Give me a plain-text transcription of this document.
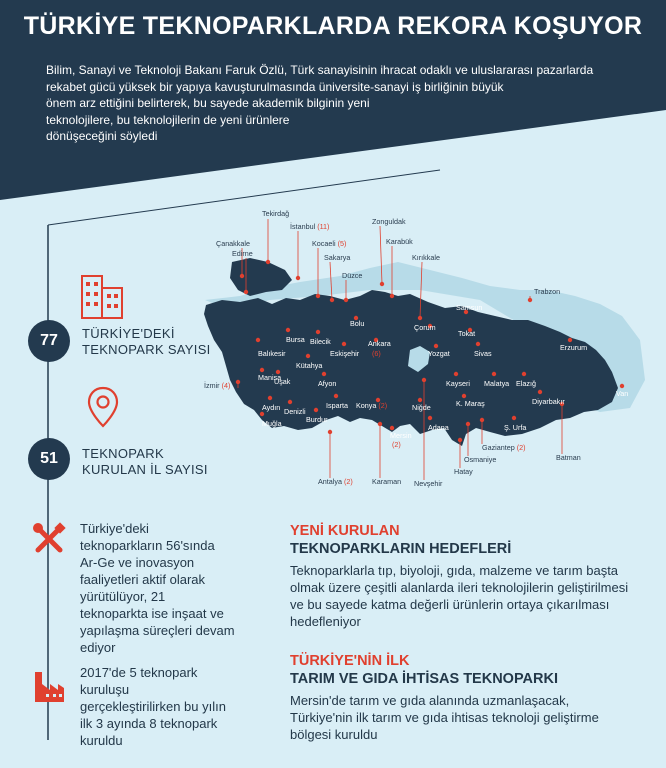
TÜRKİYE TEKNOPARKLARDA REKORA KOŞUYOR
Bilim, Sanayi ve Teknoloji Bakanı Faruk Özlü, Türk sanayisinin ihracat odaklı ve uluslararası pazarlarda
rekabet gücü yüksek bir yapıya kavuşturulmasında üniversite-sanayi iş birliğinin büyük
önem arz ettiğini belirterek, bu sayede akademik bilginin yeni
teknolojilere, bu teknolojilerin de yeni ürünlere
dönüşeceğini söyledi
Tekirdağ
İstanbul (11)
Kocaeli (5)
Sakarya
Düzce
Zonguldak
Karabük
Kırıkkale
Çanakkale
Edirne
Trabzon
İzmir (4)
Antalya (2)	Karaman Nevşehir
Hatay
Osmaniye
Gaziantep (2)
Batman
Bolu
Samsun
Çorum
Tokat
Erzurum
Bursa Bilecik	Ankara
(6)
Balıkesir	Eskişehir
Kütahya
Yozgat	Sivas
Uşak
Manisa
Afyon	Kayseri Malatya Elazığ
Aydın Denizli
Isparta Konya (2)	Niğde	K. Maraş	Diyarbakır
Van
Muğla	Burdur
Mersin
(2)
Adana	Ş. Urfa
77	TÜRKİYE'DEKİ
TEKNOPARK SAYISI
51	TEKNOPARK
KURULAN İL SAYISI
Türkiye'deki
teknoparkların 56'sında
Ar-Ge ve inovasyon
faaliyetleri aktif olarak
yürütülüyor, 21
teknoparkta ise inşaat ve
yapılaşma süreçleri devam
ediyor
2017'de 5 teknopark
kuruluşu
gerçekleştirilirken bu yılın
ilk 3 ayında 8 teknopark
kuruldu
YENİ KURULAN
TEKNOPARKLARIN HEDEFLERİ
Teknoparklarla tıp, biyoloji, gıda, malzeme ve tarım başta
olmak üzere çeşitli alanlarda ileri teknolojilerin geliştirilmesi
ve bu sayede katma değerli ürünlerin ortaya çıkarılması
hedefleniyor
TÜRKİYE'NİN İLK
TARIM VE GIDA İHTİSAS TEKNOPARKI
Mersin'de tarım ve gıda alanında uzmanlaşacak,
Türkiye'nin ilk tarım ve gıda ihtisas teknoloji geliştirme
bölgesi kuruldu
